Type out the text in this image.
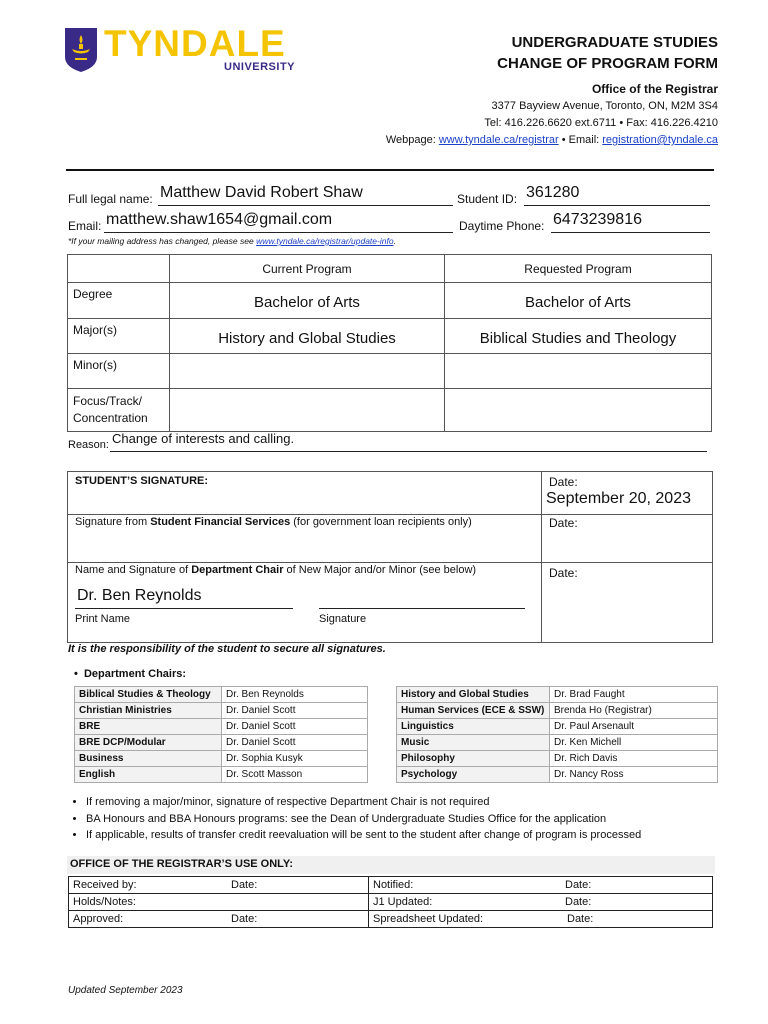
TYNDALE
UNIVERSITY
UNDERGRADUATE STUDIES
CHANGE OF PROGRAM FORM
Office of the Registrar
3377 Bayview Avenue, Toronto, ON, M2M 3S4
Tel: 416.226.6620 ext.6711 • Fax: 416.226.4210
Webpage: www.tyndale.ca/registrar • Email: registration@tyndale.ca
Full legal name: Matthew David Robert Shaw	Student ID: 361280
Email: matthew.shaw1654@gmail.com	Daytime Phone: 6473239816
*If your mailing address has changed, please see www.tyndale.ca/registrar/update-info.
	Current Program	Requested Program
Degree	Bachelor of Arts	Bachelor of Arts
Major(s)	History and Global Studies	Biblical Studies and Theology
Minor(s)		
Focus/Track/ Concentration		
Reason: Change of interests and calling.
STUDENT’S SIGNATURE:	Date:
September 20, 2023
Signature from Student Financial Services (for government loan recipients only)	Date:
Name and Signature of Department Chair of New Major and/or Minor (see below)
Dr. Ben Reynolds
Print Name	Signature
Date:
It is the responsibility of the student to secure all signatures.
•  Department Chairs:
Biblical Studies & Theology	Dr. Ben Reynolds
Christian Ministries	Dr. Daniel Scott
BRE	Dr. Daniel Scott
BRE DCP/Modular	Dr. Daniel Scott
Business	Dr. Sophia Kusyk
English	Dr. Scott Masson
History and Global Studies	Dr. Brad Faught
Human Services (ECE & SSW)	Brenda Ho (Registrar)
Linguistics	Dr. Paul Arsenault
Music	Dr. Ken Michell
Philosophy	Dr. Rich Davis
Psychology	Dr. Nancy Ross
• If removing a major/minor, signature of respective Department Chair is not required
• BA Honours and BBA Honours programs: see the Dean of Undergraduate Studies Office for the application
• If applicable, results of transfer credit reevaluation will be sent to the student after change of program is processed
OFFICE OF THE REGISTRAR’S USE ONLY:
Received by: Date:	Notified: Date:
Holds/Notes:	J1 Updated: Date:
Approved: Date:	Spreadsheet Updated: Date:
Updated September 2023
